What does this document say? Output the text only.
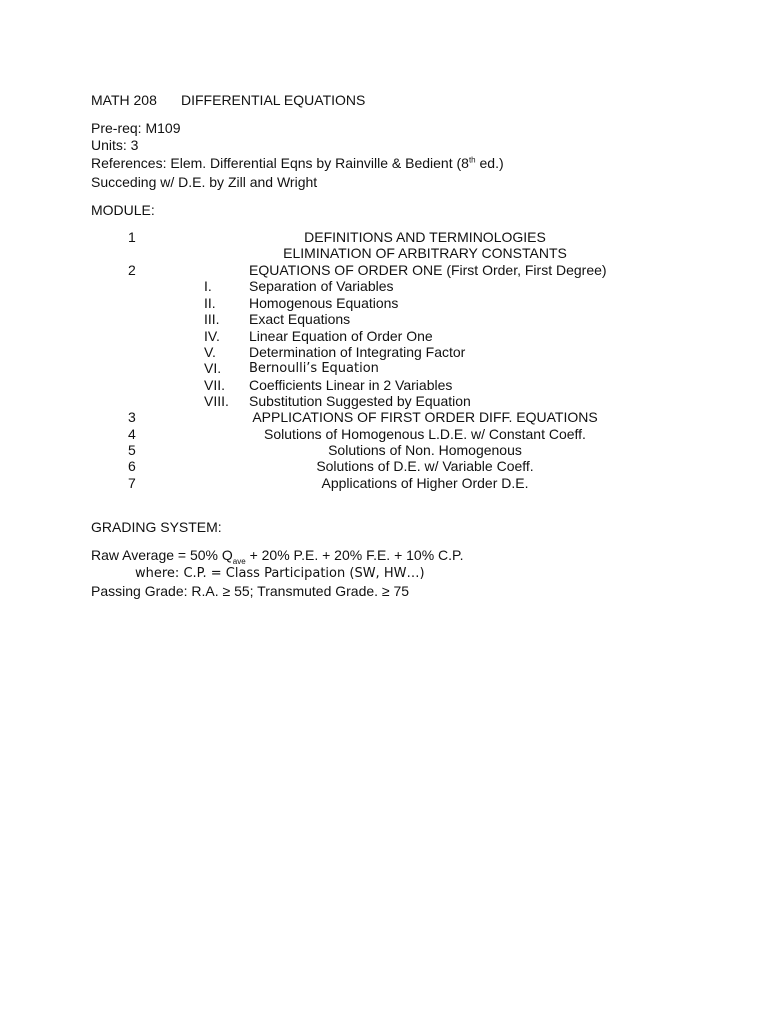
MATH 208 DIFFERENTIAL EQUATIONS
Pre-req: M109
Units: 3
References: Elem. Differential Eqns by Rainville & Bedient (8th ed.)
Succeding w/ D.E. by Zill and Wright
MODULE:
1	DEFINITIONS AND TERMINOLOGIES
ELIMINATION OF ARBITRARY CONSTANTS
2	EQUATIONS OF ORDER ONE (First Order, First Degree)
I.	Separation of Variables
II. Homogenous Equations
III. Exact Equations
IV. Linear Equation of Order One
V. Determination of Integrating Factor
VI. Bernoulli’s Equation
VII. Coefficients Linear in 2 Variables
VIII. Substitution Suggested by Equation
3	APPLICATIONS OF FIRST ORDER DIFF. EQUATIONS
4	Solutions of Homogenous L.D.E. w/ Constant Coeff.
5	Solutions of Non. Homogenous
6	Solutions of D.E. w/ Variable Coeff.
7	Applications of Higher Order D.E.
GRADING SYSTEM:
Raw Average = 50% $Q_{ave} + 20\%$ P.E. + 20% F.E. + 10% C.P.
where: C.P. = Class Participation (SW, HW…)
Passing Grade: R.A. ≥ 55; Transmuted Grade. ≥ 75
